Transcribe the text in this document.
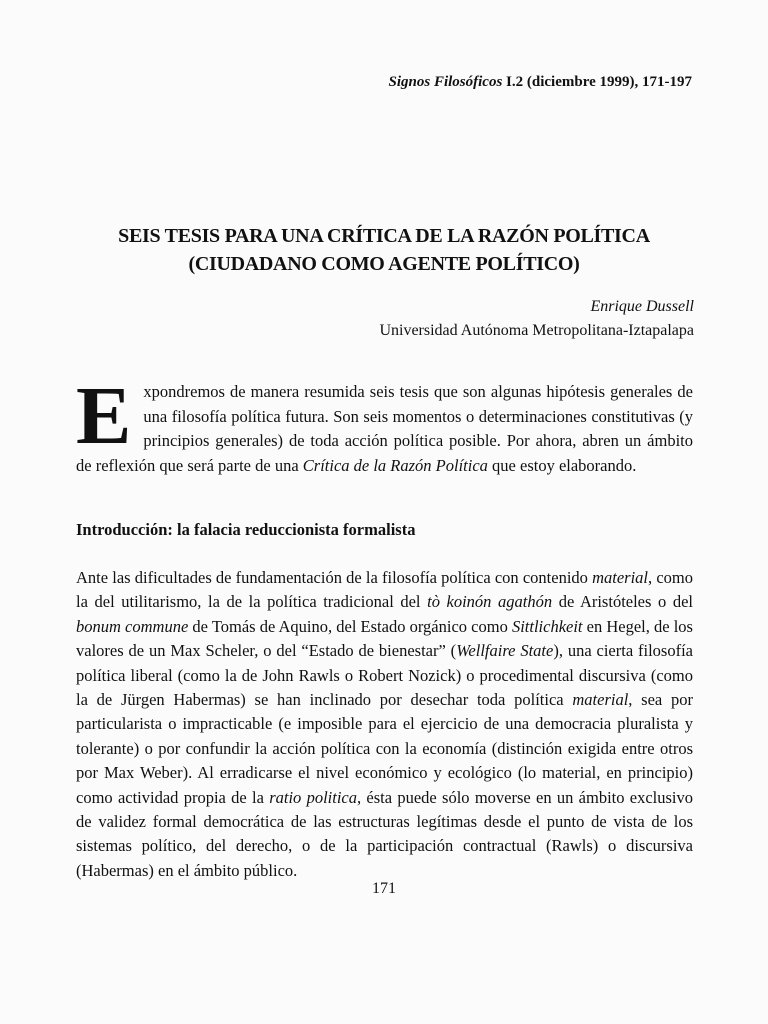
Signos Filosóficos I.2 (diciembre 1999), 171-197

SEIS TESIS PARA UNA CRÍTICA DE LA RAZÓN POLÍTICA
(CIUDADANO COMO AGENTE POLÍTICO)
Enrique Dussell
Universidad Autónoma Metropolitana-Iztapalapa

Expondremos de manera resumida seis tesis que son algunas hipótesis generales de una filosofía política futura. Son seis momentos o determinaciones constitutivas (y principios generales) de toda acción política posible. Por ahora, abren un ámbito de reflexión que será parte de una Crítica de la Razón Política que estoy elaborando.

Introducción: la falacia reduccionista formalista

Ante las dificultades de fundamentación de la filosofía política con contenido material, como la del utilitarismo, la de la política tradicional del tò koinón agathón de Aristóteles o del bonum commune de Tomás de Aquino, del Estado orgánico como Sittlichkeit en Hegel, de los valores de un Max Scheler, o del “Estado de bienestar” (Wellfaire State), una cierta filosofía política liberal (como la de John Rawls o Robert Nozick) o procedimental discursiva (como la de Jürgen Habermas) se han inclinado por desechar toda política material, sea por particularista o impracticable (e imposible para el ejercicio de una democracia pluralista y tolerante) o por confundir la acción política con la economía (distinción exigida entre otros por Max Weber). Al erradicarse el nivel económico y ecológico (lo material, en principio) como actividad propia de la ratio politica, ésta puede sólo moverse en un ámbito exclusivo de validez formal democrática de las estructuras legítimas desde el punto de vista de los sistemas político, del derecho, o de la participación contractual (Rawls) o discursiva (Habermas) en el ámbito público.

171
